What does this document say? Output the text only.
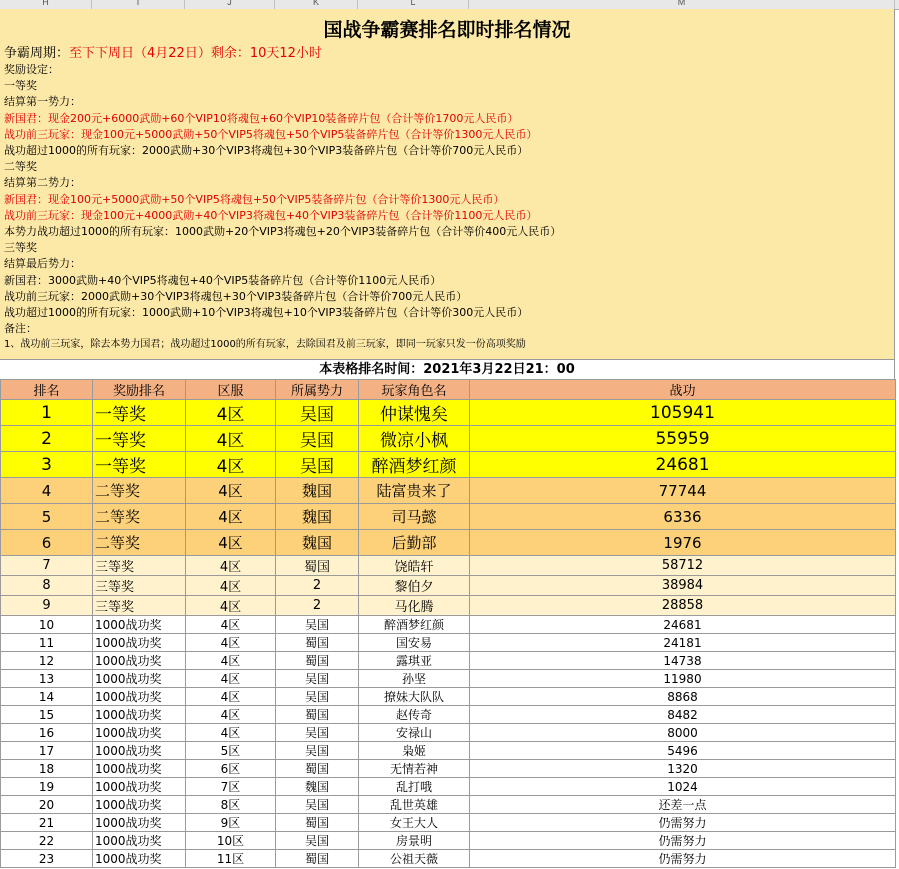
H	I	J	K	L	M
国战争霸赛排名即时排名情况
争霸周期：至下下周日（4月22日）剩余：10天12小时
奖励设定：
一等奖
结算第一势力：
新国君：现金200元+6000武勋+60个VIP10将魂包+60个VIP10装备碎片包（合计等价1700元人民币）
战功前三玩家：现金100元+5000武勋+50个VIP5将魂包+50个VIP5装备碎片包（合计等价1300元人民币）
战功超过1000的所有玩家：2000武勋+30个VIP3将魂包+30个VIP3装备碎片包（合计等价700元人民币）
二等奖
结算第二势力：
新国君：现金100元+5000武勋+50个VIP5将魂包+50个VIP5装备碎片包（合计等价1300元人民币）
战功前三玩家：现金100元+4000武勋+40个VIP3将魂包+40个VIP3装备碎片包（合计等价1100元人民币）
本势力战功超过1000的所有玩家：1000武勋+20个VIP3将魂包+20个VIP3装备碎片包（合计等价400元人民币）
三等奖
结算最后势力：
新国君：3000武勋+40个VIP5将魂包+40个VIP5装备碎片包（合计等价1100元人民币）
战功前三玩家：2000武勋+30个VIP3将魂包+30个VIP3装备碎片包（合计等价700元人民币）
战功超过1000的所有玩家：1000武勋+10个VIP3将魂包+10个VIP3装备碎片包（合计等价300元人民币）
备注：
1、战功前三玩家，除去本势力国君；战功超过1000的所有玩家，去除国君及前三玩家，即同一玩家只发一份高项奖励
本表格排名时间：2021年3月22日21：00
排名	奖励排名	区服	所属势力	玩家角色名	战功
1	一等奖	4区	吴国	仲谋愧矣	105941
2	一等奖	4区	吴国	微凉小枫	55959
3	一等奖	4区	吴国	醉酒梦红颜	24681
4	二等奖	4区	魏国	陆富贵来了	77744
5	二等奖	4区	魏国	司马懿	6336
6	二等奖	4区	魏国	后勤部	1976
7	三等奖	4区	蜀国	饶皓轩	58712
8	三等奖	4区	2	黎伯夕	38984
9	三等奖	4区	2	马化腾	28858
10	1000战功奖	4区	吴国	醉酒梦红颜	24681
11	1000战功奖	4区	蜀国	国安易	24181
12	1000战功奖	4区	蜀国	露琪亚	14738
13	1000战功奖	4区	吴国	孙坚	11980
14	1000战功奖	4区	吴国	撩妹大队队	8868
15	1000战功奖	4区	蜀国	赵传奇	8482
16	1000战功奖	4区	吴国	安禄山	8000
17	1000战功奖	5区	吴国	枭姬	5496
18	1000战功奖	6区	蜀国	无情若神	1320
19	1000战功奖	7区	魏国	乱打哦	1024
20	1000战功奖	8区	吴国	乱世英雄	还差一点
21	1000战功奖	9区	蜀国	女王大人	仍需努力
22	1000战功奖	10区	吴国	房景明	仍需努力
23	1000战功奖	11区	蜀国	公祖天薇	仍需努力
